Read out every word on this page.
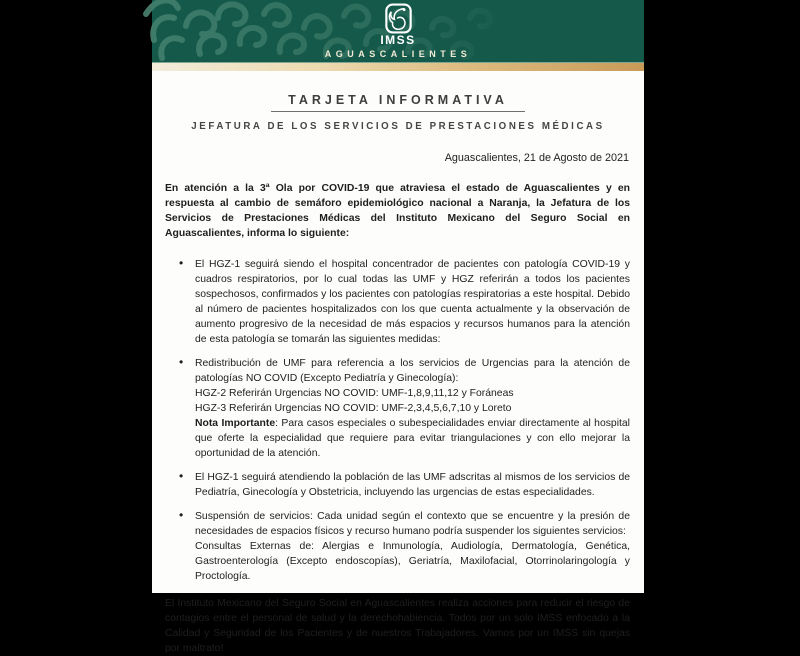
IMSS
AGUASCALIENTES
TARJETA INFORMATIVA
JEFATURA DE LOS SERVICIOS DE PRESTACIONES MÉDICAS

Aguascalientes, 21 de Agosto de 2021

En atención a la 3ª Ola por COVID-19 que atraviesa el estado de Aguascalientes y en respuesta al cambio de semáforo epidemiológico nacional a Naranja, la Jefatura de los Servicios de Prestaciones Médicas del Instituto Mexicano del Seguro Social en Aguascalientes, informa lo siguiente:

• El HGZ-1 seguirá siendo el hospital concentrador de pacientes con patología COVID-19 y cuadros respiratorios, por lo cual todas las UMF y HGZ referirán a todos los pacientes sospechosos, confirmados y los pacientes con patologías respiratorias a este hospital. Debido al número de pacientes hospitalizados con los que cuenta actualmente y la observación de aumento progresivo de la necesidad de más espacios y recursos humanos para la atención de esta patología se tomarán las siguientes medidas:
• Redistribución de UMF para referencia a los servicios de Urgencias para la atención de patologías NO COVID (Excepto Pediatría y Ginecología):
HGZ-2 Referirán Urgencias NO COVID: UMF-1,8,9,11,12 y Foráneas
HGZ-3 Referirán Urgencias NO COVID: UMF-2,3,4,5,6,7,10 y Loreto
Nota Importante: Para casos especiales o subespecialidades enviar directamente al hospital que oferte la especialidad que requiere para evitar triangulaciones y con ello mejorar la oportunidad de la atención.
• El HGZ-1 seguirá atendiendo la población de las UMF adscritas al mismos de los servicios de Pediatría, Ginecología y Obstetricia, incluyendo las urgencias de estas especialidades.
• Suspensión de servicios: Cada unidad según el contexto que se encuentre y la presión de necesidades de espacios físicos y recurso humano podría suspender los siguientes servicios:
Consultas Externas de: Alergias e Inmunología, Audiología, Dermatología, Genética, Gastroenterología (Excepto endoscopías), Geriatría, Maxilofacial, Otorrinolaringología y Proctología.

El Instituto Mexicano del Seguro Social en Aguascalientes realiza acciones para reducir el riesgo de contagios entre el personal de salud y la derechohabiencia. Todos por un solo IMSS enfocado a la Calidad y Seguridad de los Pacientes y de nuestros Trabajadores. Vamos por un IMSS sin quejas por maltrato!
